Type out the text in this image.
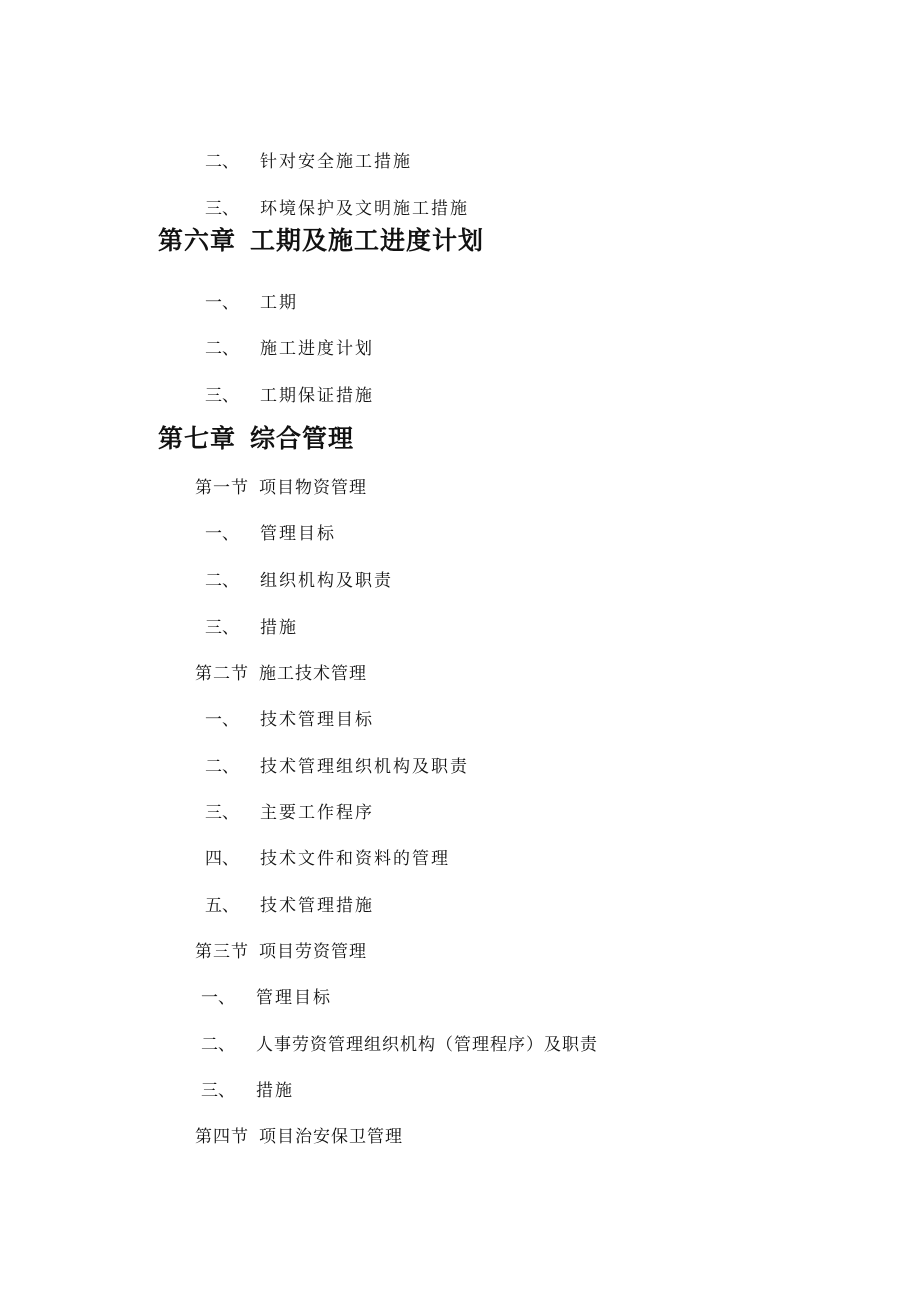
二、 针对安全施工措施
三、 环境保护及文明施工措施
第六章 工期及施工进度计划
一、 工期
二、 施工进度计划
三、 工期保证措施
第七章 综合管理
第一节 项目物资管理
一、 管理目标
二、 组织机构及职责
三、 措施
第二节 施工技术管理
一、 技术管理目标
二、 技术管理组织机构及职责
三、 主要工作程序
四、 技术文件和资料的管理
五、 技术管理措施
第三节 项目劳资管理
一、 管理目标
二、 人事劳资管理组织机构（管理程序）及职责
三、 措施
第四节 项目治安保卫管理
